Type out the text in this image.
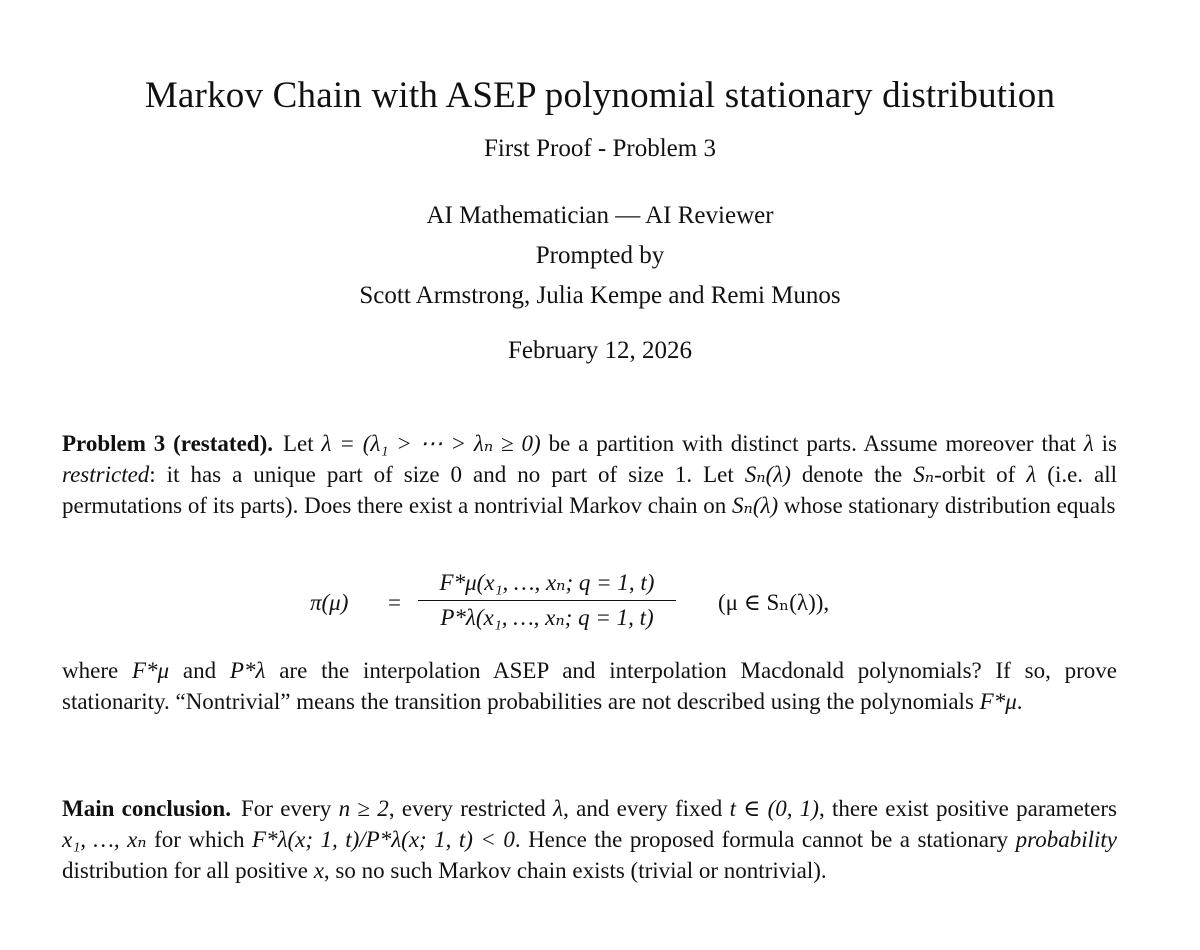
Markov Chain with ASEP polynomial stationary distribution
First Proof - Problem 3
AI Mathematician — AI Reviewer
Prompted by
Scott Armstrong, Julia Kempe and Remi Munos
February 12, 2026

Problem 3 (restated). Let λ = (λ₁ > ⋯ > λₙ ≥ 0) be a partition with distinct parts. Assume moreover that λ is restricted: it has a unique part of size 0 and no part of size 1. Let Sₙ(λ) denote the Sₙ-orbit of λ (i.e. all permutations of its parts). Does there exist a nontrivial Markov chain on Sₙ(λ) whose stationary distribution equals

π(μ) =
F*μ(x₁, …, xₙ; q = 1, t)
P*λ(x₁, …, xₙ; q = 1, t)
(μ ∈ Sₙ(λ)),

where F*μ and P*λ are the interpolation ASEP and interpolation Macdonald polynomials? If so, prove stationarity. “Nontrivial” means the transition probabilities are not described using the polynomials F*μ.

Main conclusion. For every n ≥ 2, every restricted λ, and every fixed t ∈ (0, 1), there exist positive parameters x₁, …, xₙ for which F*λ(x; 1, t)/P*λ(x; 1, t) < 0. Hence the proposed formula cannot be a stationary probability distribution for all positive x, so no such Markov chain exists (trivial or nontrivial).
